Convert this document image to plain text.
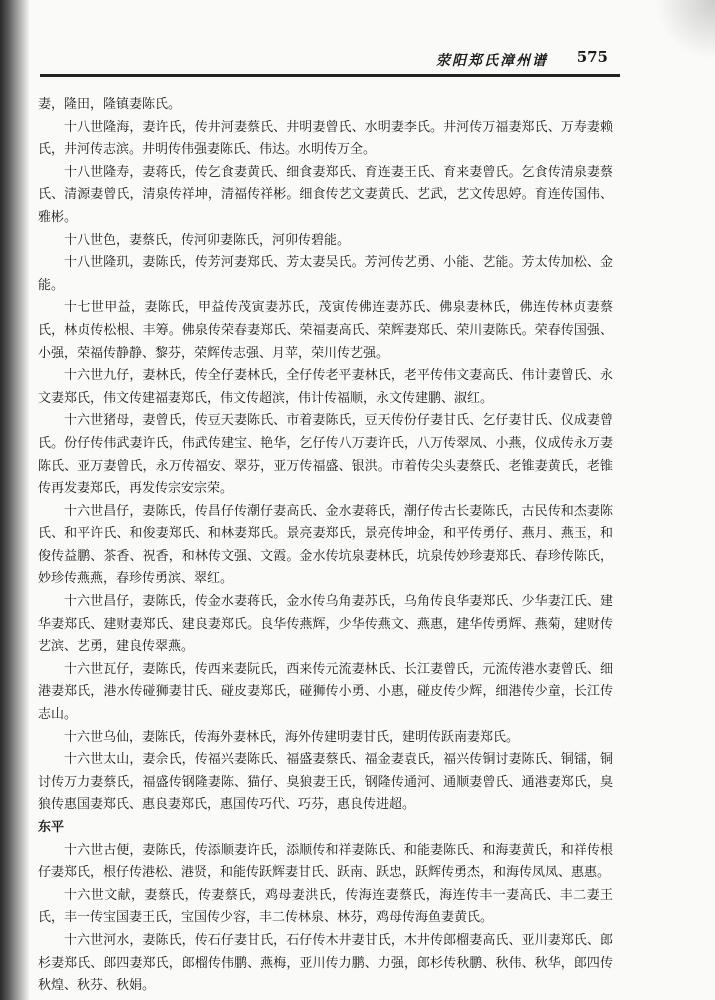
荥阳郑氏漳州谱 575

妻，隆田，隆镇妻陈氏。

十八世隆海，妻许氏，传井河妻蔡氏、井明妻曾氏、水明妻李氏。井河传万福妻郑氏、万寿妻赖氏，井河传志滨。井明传伟强妻陈氏、伟达。水明传万全。

十八世隆寿，妻蒋氏，传乞食妻黄氏、细食妻郑氏、育连妻王氏、育来妻曾氏。乞食传清泉妻蔡氏、清源妻曾氏，清泉传祥坤，清福传祥彬。细食传艺文妻黄氏、艺武，艺文传思婷。育连传国伟、雅彬。

十八世色，妻蔡氏，传河卯妻陈氏，河卯传碧能。

十八世隆玑，妻陈氏，传芳河妻郑氏、芳太妻吴氏。芳河传艺勇、小能、艺能。芳太传加松、金能。

十七世甲益，妻陈氏，甲益传茂寅妻苏氏，茂寅传佛连妻苏氏、佛泉妻林氏，佛连传林贞妻蔡氏，林贞传松根、丰筹。佛泉传荣春妻郑氏、荣福妻高氏、荣辉妻郑氏、荣川妻陈氏。荣春传国强、小强，荣福传静静、黎芬，荣辉传志强、月苹，荣川传艺强。

十六世九仔，妻林氏，传全仔妻林氏，全仔传老平妻林氏，老平传伟文妻高氏、伟计妻曾氏、永文妻郑氏，伟文传建福妻郑氏，伟文传超滨，伟计传福顺，永文传建鹏、淑红。

十六世猪母，妻曾氏，传豆天妻陈氏、市着妻陈氏，豆天传份仔妻甘氏、乞仔妻甘氏、仪成妻曾氏。份仔传伟武妻许氏，伟武传建宝、艳华，乞仔传八万妻许氏，八万传翠凤、小燕，仪成传永万妻陈氏、亚万妻曾氏，永万传福安、翠芬，亚万传福盛、银洪。市着传尖头妻蔡氏、老锥妻黄氏，老锥传再发妻郑氏，再发传宗安宗荣。

十六世昌仔，妻陈氏，传昌仔传潮仔妻高氏、金水妻蒋氏，潮仔传古长妻陈氏，古民传和杰妻陈氏、和平许氏、和俊妻郑氏、和林妻郑氏。景亮妻郑氏，景亮传坤金，和平传勇仔、燕月、燕玉，和俊传益鹏、茶香、祝香，和林传文强、文霞。金水传坑泉妻林氏，坑泉传妙珍妻郑氏、春珍传陈氏，妙珍传燕燕，春珍传勇滨、翠红。

十六世昌仔，妻陈氏，传金水妻蒋氏，金水传乌角妻苏氏，乌角传良华妻郑氏、少华妻江氏、建华妻郑氏、建财妻郑氏、建良妻郑氏。良华传燕辉，少华传燕文、燕惠，建华传勇辉、燕菊，建财传艺滨、艺勇，建良传翠燕。

十六世瓦仔，妻陈氏，传西来妻阮氏，西来传元流妻林氏、长江妻曾氏，元流传港水妻曾氏、细港妻郑氏，港水传碰狮妻甘氏、碰皮妻郑氏，碰狮传小勇、小惠，碰皮传少辉，细港传少童，长江传志山。

十六世乌仙，妻陈氏，传海外妻林氏，海外传建明妻甘氏，建明传跃南妻郑氏。

十六世太山，妻佘氏，传福兴妻陈氏、福盛妻蔡氏、福金妻袁氏，福兴传铜讨妻陈氏、铜镭，铜讨传万力妻蔡氏，福盛传钢隆妻陈、猫仔、臭狼妻王氏，钢隆传通河、通顺妻曾氏、通港妻郑氏，臭狼传惠国妻郑氏、惠良妻郑氏，惠国传巧代、巧芬，惠良传进超。

东平

十六世古便，妻陈氏，传添顺妻许氏，添顺传和祥妻陈氏、和能妻陈氏、和海妻黄氏，和祥传根仔妻郑氏，根仔传港松、港贤，和能传跃辉妻甘氏、跃南、跃忠，跃辉传勇杰，和海传凤凤、惠惠。

十六世文献，妻蔡氏，传妻蔡氏，鸡母妻洪氏，传海连妻蔡氏，海连传丰一妻高氏、丰二妻王氏，丰一传宝国妻王氏，宝国传少容，丰二传林泉、林芬，鸡母传海鱼妻黄氏。

十六世河水，妻陈氏，传石仔妻甘氏，石仔传木井妻甘氏，木井传郎榴妻高氏、亚川妻郑氏、郎杉妻郑氏、郎四妻郑氏，郎榴传伟鹏、燕梅，亚川传力鹏、力强，郎杉传秋鹏、秋伟、秋华，郎四传秋煌、秋芬、秋娟。
